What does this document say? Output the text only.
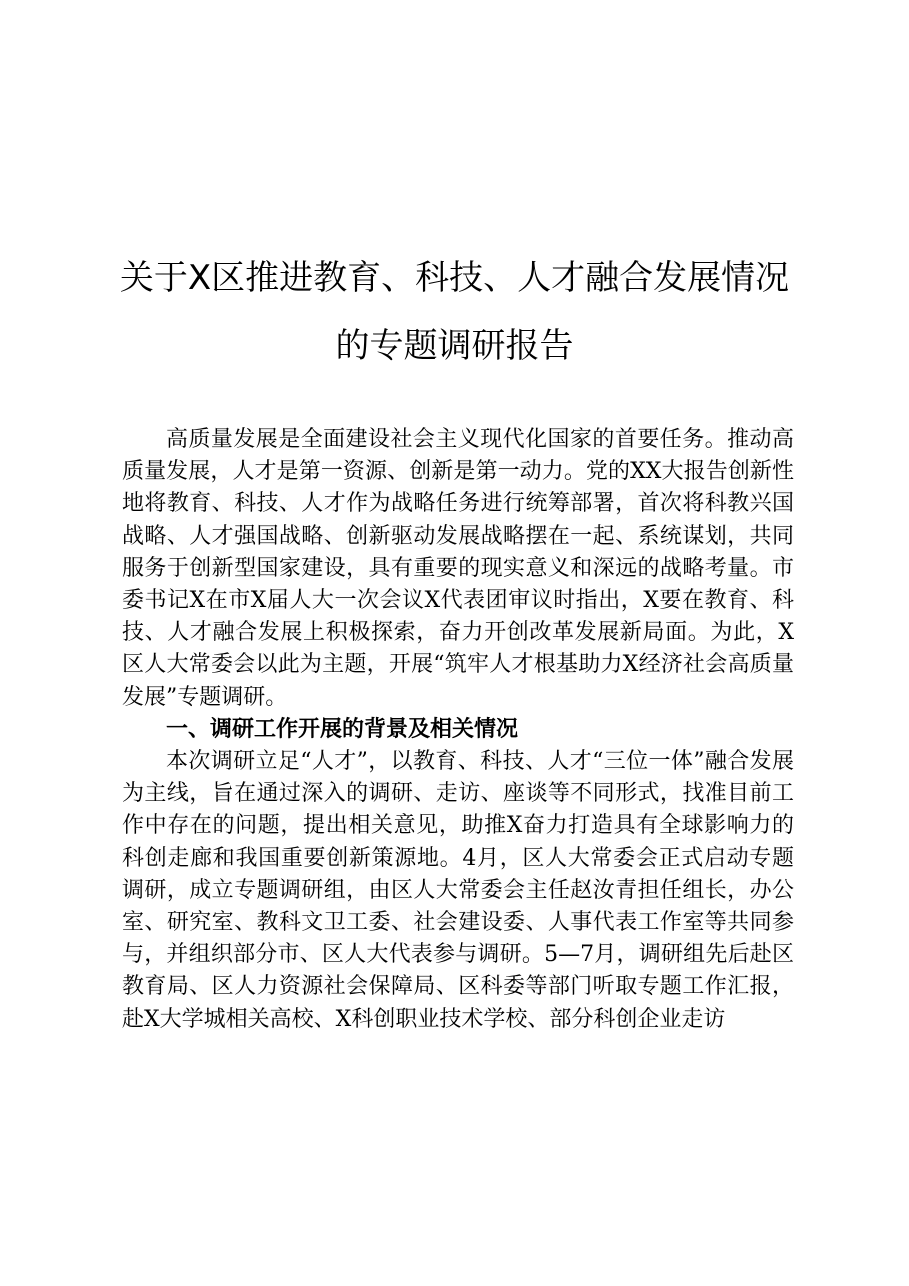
关于X区推进教育、科技、人才融合发展情况
的专题调研报告

高质量发展是全面建设社会主义现代化国家的首要任务。推动高质量发展，人才是第一资源、创新是第一动力。党的XX大报告创新性地将教育、科技、人才作为战略任务进行统筹部署，首次将科教兴国战略、人才强国战略、创新驱动发展战略摆在一起、系统谋划，共同服务于创新型国家建设，具有重要的现实意义和深远的战略考量。市委书记X在市X届人大一次会议X代表团审议时指出，X要在教育、科技、人才融合发展上积极探索，奋力开创改革发展新局面。为此，X区人大常委会以此为主题，开展“筑牢人才根基助力X经济社会高质量发展”专题调研。

一、调研工作开展的背景及相关情况

本次调研立足“人才”，以教育、科技、人才“三位一体”融合发展为主线，旨在通过深入的调研、走访、座谈等不同形式，找准目前工作中存在的问题，提出相关意见，助推X奋力打造具有全球影响力的科创走廊和我国重要创新策源地。4月，区人大常委会正式启动专题调研，成立专题调研组，由区人大常委会主任赵汝青担任组长，办公室、研究室、教科文卫工委、社会建设委、人事代表工作室等共同参与，并组织部分市、区人大代表参与调研。5—7月，调研组先后赴区教育局、区人力资源社会保障局、区科委等部门听取专题工作汇报，赴X大学城相关高校、X科创职业技术学校、部分科创企业走访
